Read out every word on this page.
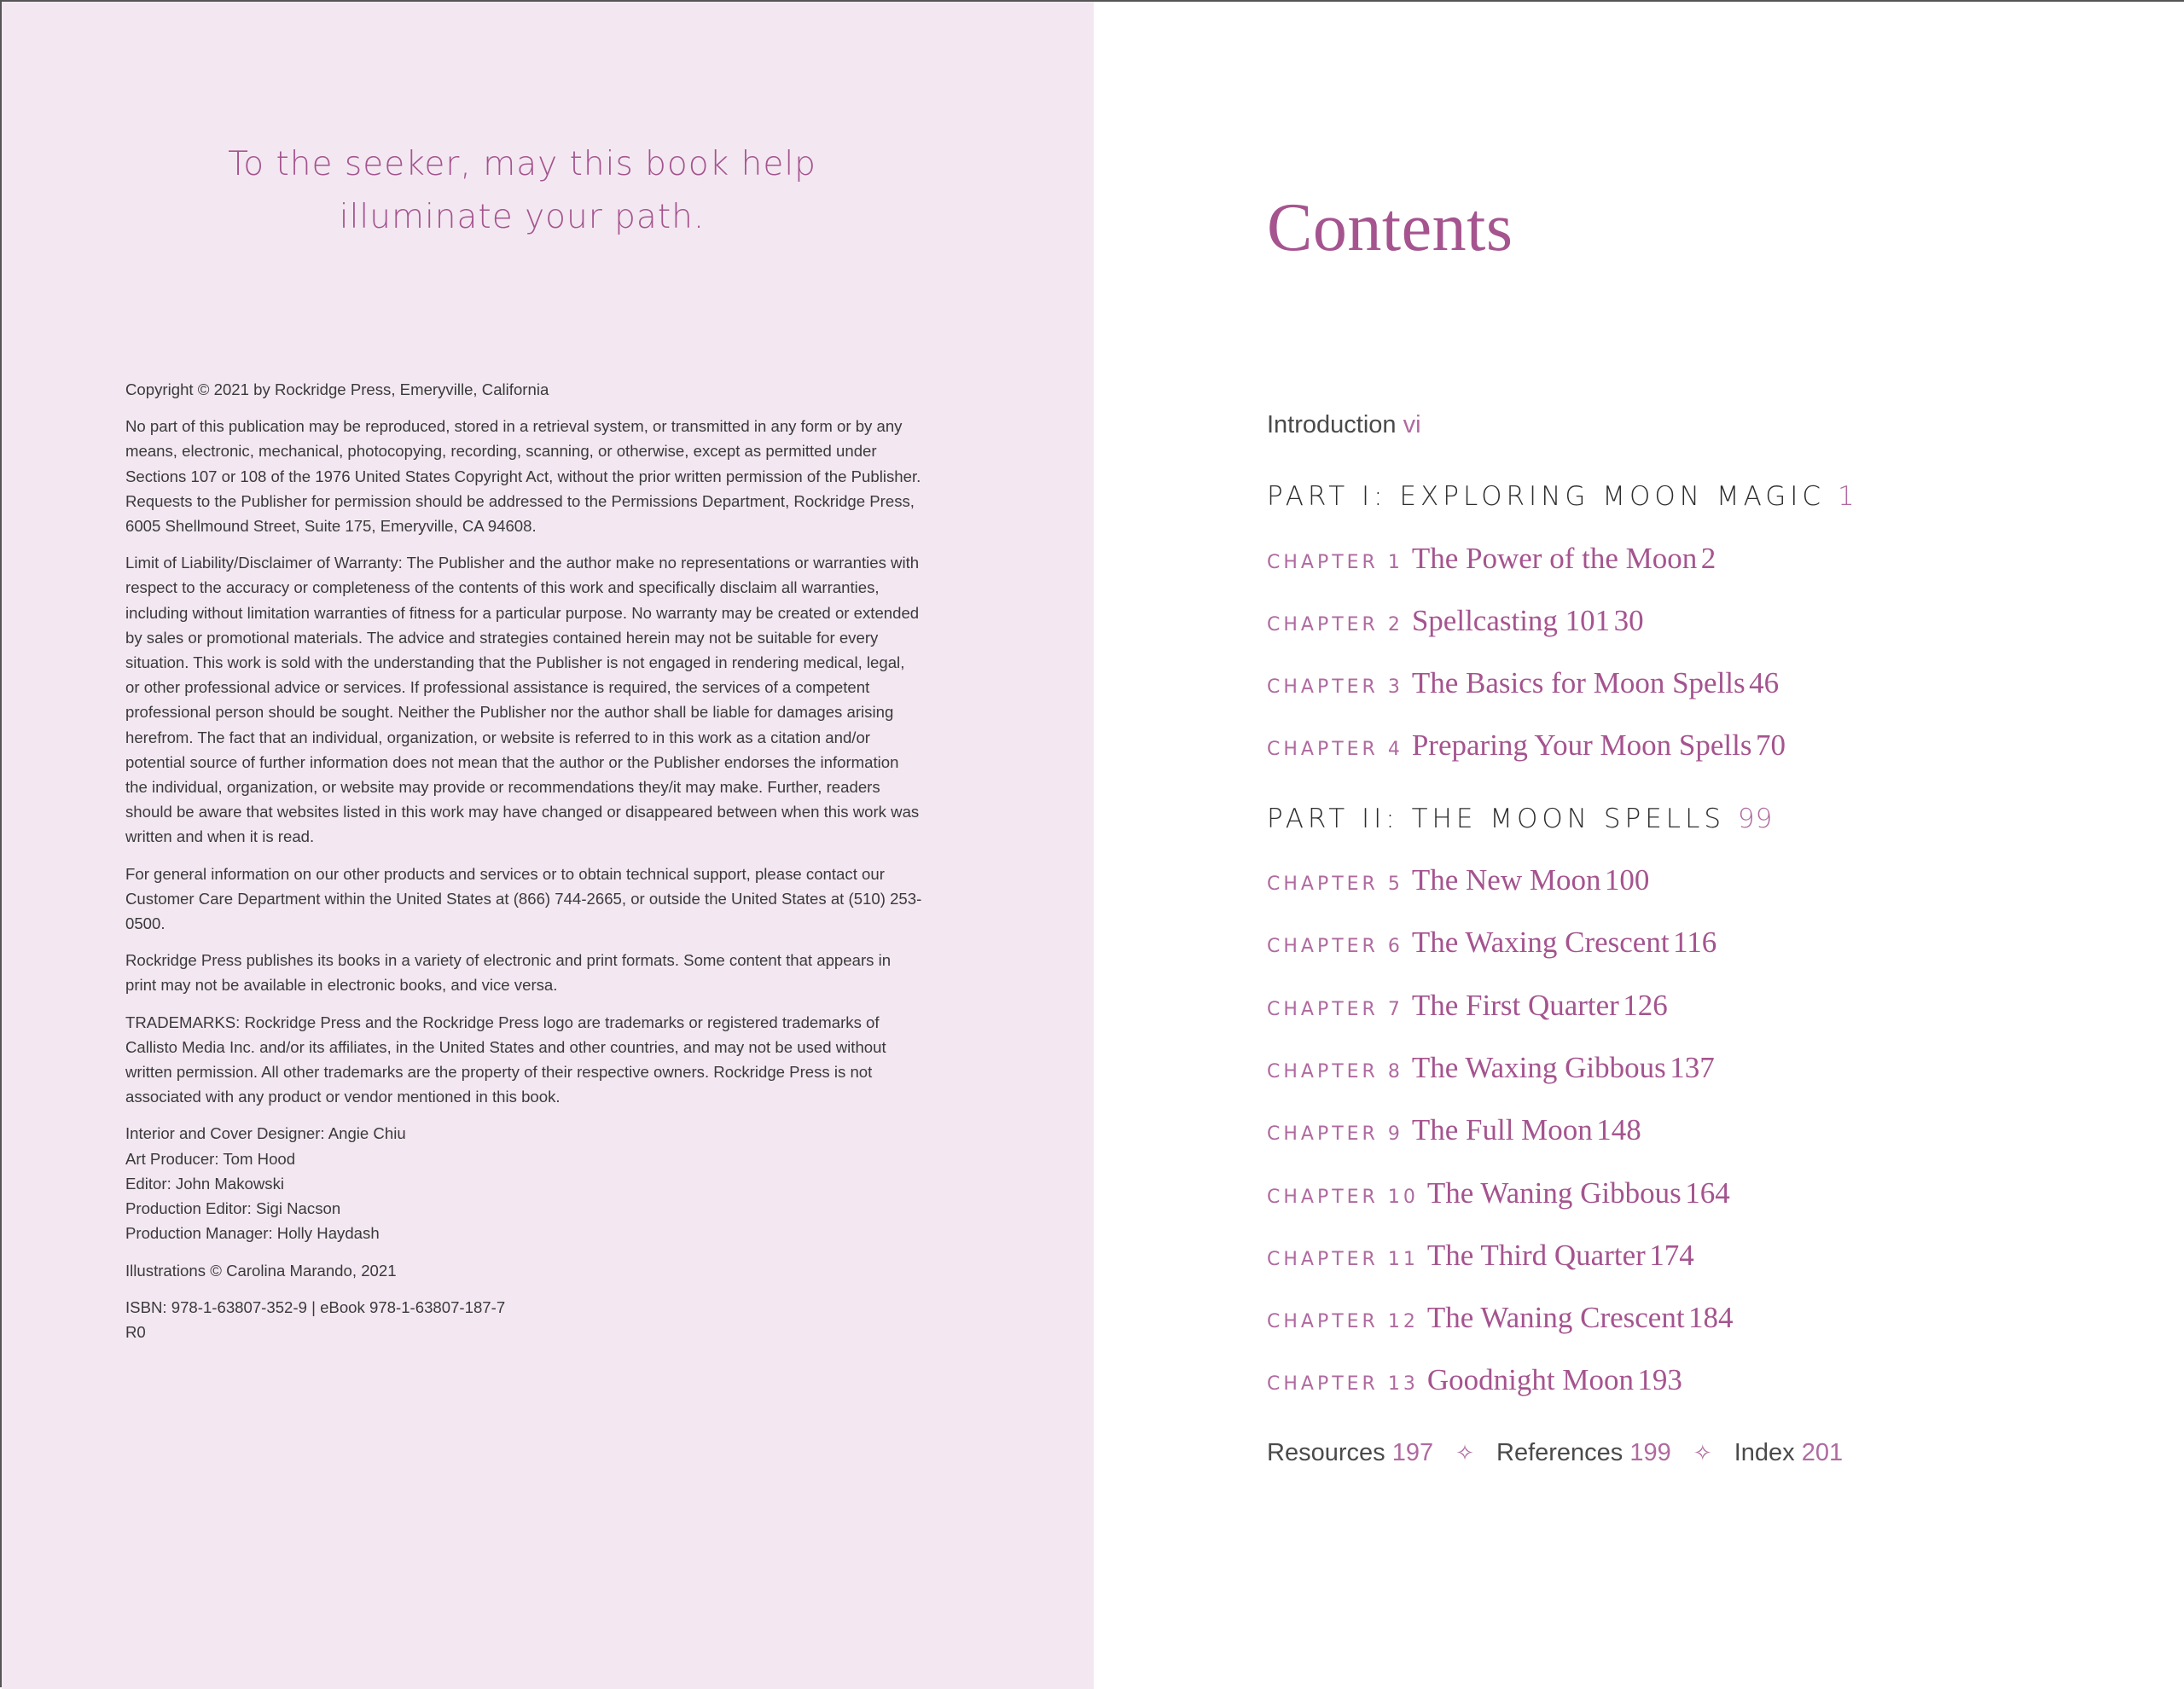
To the seeker, may this book help
illuminate your path.

Copyright © 2021 by Rockridge Press, Emeryville, California

No part of this publication may be reproduced, stored in a retrieval system, or transmitted in any form or by any means, electronic, mechanical, photocopying, recording, scanning, or otherwise, except as permitted under Sections 107 or 108 of the 1976 United States Copyright Act, without the prior written permission of the Publisher. Requests to the Publisher for permission should be addressed to the Permissions Department, Rockridge Press, 6005 Shellmound Street, Suite 175, Emeryville, CA 94608.

Limit of Liability/Disclaimer of Warranty: The Publisher and the author make no representations or warranties with respect to the accuracy or completeness of the contents of this work and specifically disclaim all warranties, including without limitation warranties of fitness for a particular purpose. No warranty may be created or extended by sales or promotional materials. The advice and strategies contained herein may not be suitable for every situation. This work is sold with the understanding that the Publisher is not engaged in rendering medical, legal, or other professional advice or services. If professional assistance is required, the services of a competent professional person should be sought. Neither the Publisher nor the author shall be liable for damages arising herefrom. The fact that an individual, organization, or website is referred to in this work as a citation and/or potential source of further information does not mean that the author or the Publisher endorses the information the individual, organization, or website may provide or recommendations they/it may make. Further, readers should be aware that websites listed in this work may have changed or disappeared between when this work was written and when it is read.

For general information on our other products and services or to obtain technical support, please contact our Customer Care Department within the United States at (866) 744-2665, or outside the United States at (510) 253-0500.

Rockridge Press publishes its books in a variety of electronic and print formats. Some content that appears in print may not be available in electronic books, and vice versa.

TRADEMARKS: Rockridge Press and the Rockridge Press logo are trademarks or registered trademarks of Callisto Media Inc. and/or its affiliates, in the United States and other countries, and may not be used without written permission. All other trademarks are the property of their respective owners. Rockridge Press is not associated with any product or vendor mentioned in this book.

Interior and Cover Designer: Angie Chiu
Art Producer: Tom Hood
Editor: John Makowski
Production Editor: Sigi Nacson
Production Manager: Holly Haydash

Illustrations © Carolina Marando, 2021

ISBN: 978-1-63807-352-9 | eBook 978-1-63807-187-7
R0

Contents
Introduction vi
PART I: EXPLORING MOON MAGIC 1
CHAPTER 1 The Power of the Moon 2
CHAPTER 2 Spellcasting 101 30
CHAPTER 3 The Basics for Moon Spells 46
CHAPTER 4 Preparing Your Moon Spells 70
PART II: THE MOON SPELLS 99
CHAPTER 5 The New Moon 100
CHAPTER 6 The Waxing Crescent 116
CHAPTER 7 The First Quarter 126
CHAPTER 8 The Waxing Gibbous 137
CHAPTER 9 The Full Moon 148
CHAPTER 10 The Waning Gibbous 164
CHAPTER 11 The Third Quarter 174
CHAPTER 12 The Waning Crescent 184
CHAPTER 13 Goodnight Moon 193
Resources 197 ✧ References 199 ✧ Index 201
